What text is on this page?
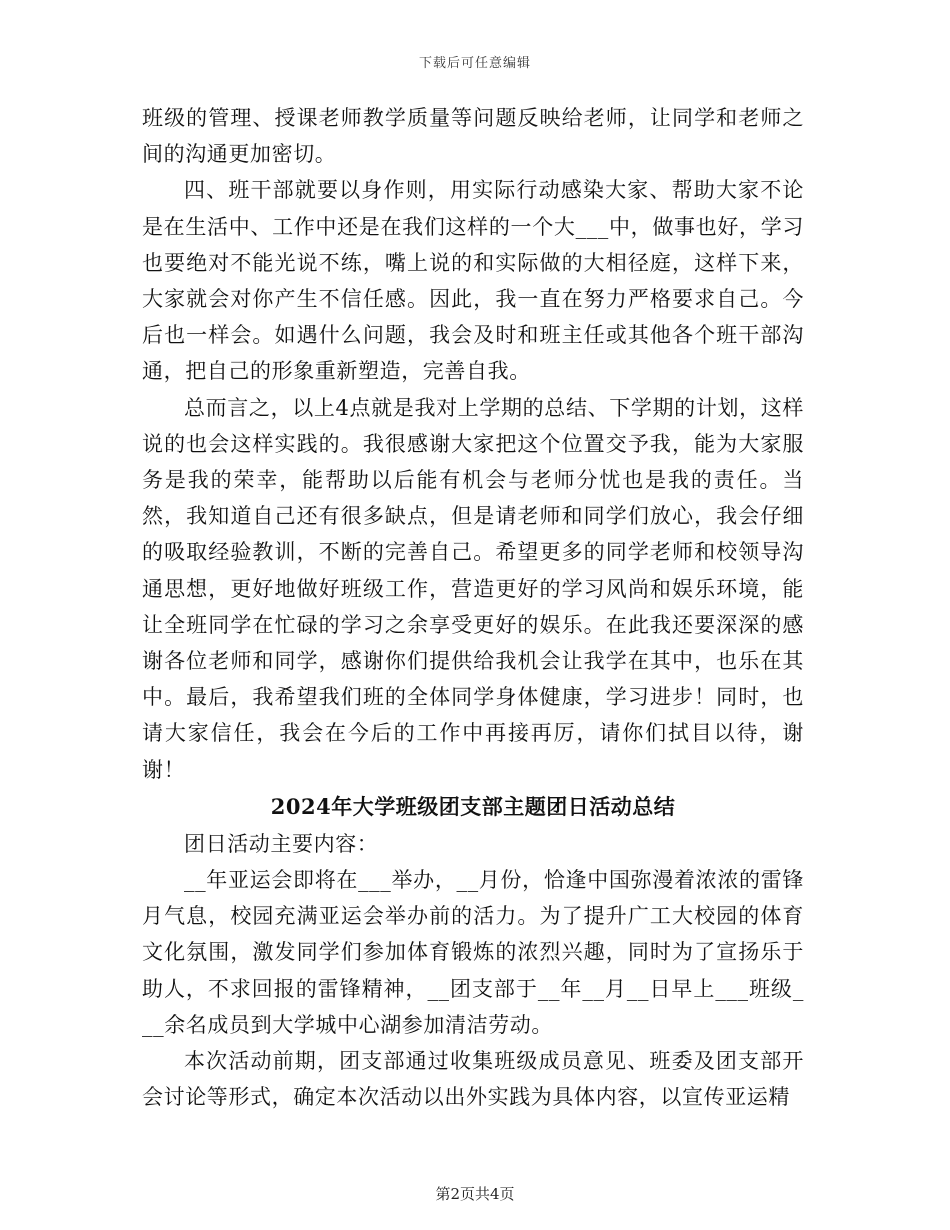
下载后可任意编辑

班级的管理、授课老师教学质量等问题反映给老师，让同学和老师之间的沟通更加密切。

四、班干部就要以身作则，用实际行动感染大家、帮助大家不论是在生活中、工作中还是在我们这样的一个大___中，做事也好，学习也要绝对不能光说不练，嘴上说的和实际做的大相径庭，这样下来，大家就会对你产生不信任感。因此，我一直在努力严格要求自己。今后也一样会。如遇什么问题，我会及时和班主任或其他各个班干部沟通，把自己的形象重新塑造，完善自我。

总而言之，以上4点就是我对上学期的总结、下学期的计划，这样说的也会这样实践的。我很感谢大家把这个位置交予我，能为大家服务是我的荣幸，能帮助以后能有机会与老师分忧也是我的责任。当然，我知道自己还有很多缺点，但是请老师和同学们放心，我会仔细的吸取经验教训，不断的完善自己。希望更多的同学老师和校领导沟通思想，更好地做好班级工作，营造更好的学习风尚和娱乐环境，能让全班同学在忙碌的学习之余享受更好的娱乐。在此我还要深深的感谢各位老师和同学，感谢你们提供给我机会让我学在其中，也乐在其中。最后，我希望我们班的全体同学身体健康，学习进步！同时，也请大家信任，我会在今后的工作中再接再厉，请你们拭目以待，谢谢！

2024年大学班级团支部主题团日活动总结

团日活动主要内容：

__年亚运会即将在___举办，__月份，恰逢中国弥漫着浓浓的雷锋月气息，校园充满亚运会举办前的活力。为了提升广工大校园的体育文化氛围，激发同学们参加体育锻炼的浓烈兴趣，同时为了宣扬乐于助人，不求回报的雷锋精神，__团支部于__年__月__日早上___班级___余名成员到大学城中心湖参加清洁劳动。

本次活动前期，团支部通过收集班级成员意见、班委及团支部开会讨论等形式，确定本次活动以出外实践为具体内容，以宣传亚运精

第2页共4页
